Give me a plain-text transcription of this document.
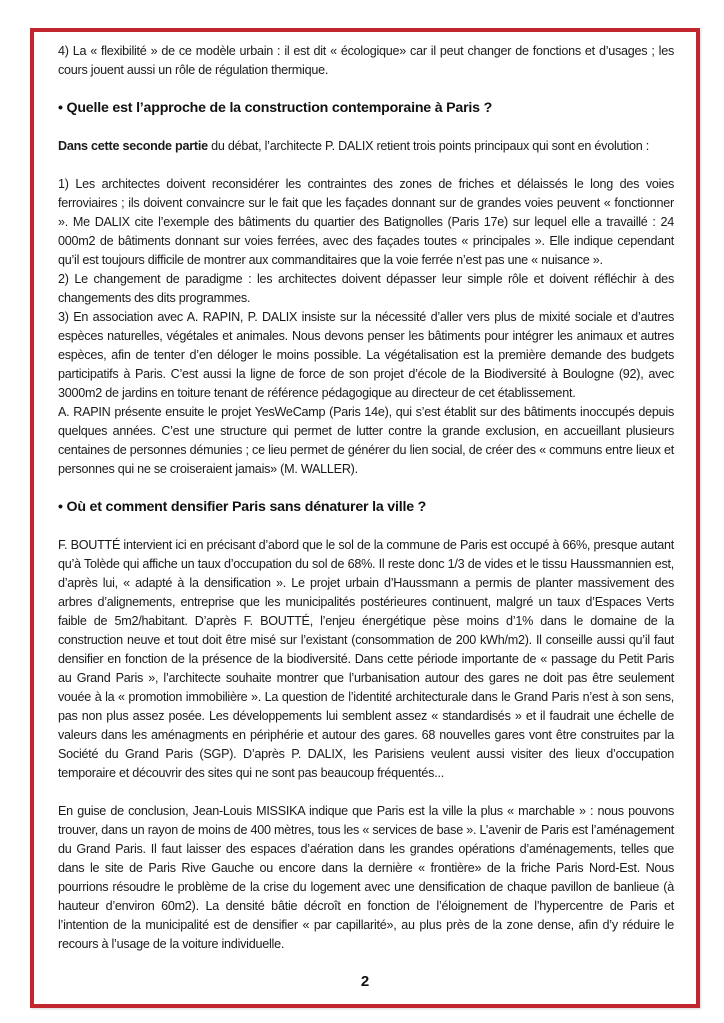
4) La « flexibilité » de ce modèle urbain : il est dit « écologique» car il peut changer de fonctions et d’usages ; les cours jouent aussi un rôle de régulation thermique.

• Quelle est l’approche de la construction contemporaine à Paris ?

Dans cette seconde partie du débat, l’architecte P. DALIX retient trois points principaux qui sont en évolution :

1) Les architectes doivent reconsidérer les contraintes des zones de friches et délaissés le long des voies ferroviaires ; ils doivent convaincre sur le fait que les façades donnant sur de grandes voies peuvent « fonctionner ». Me DALIX cite l’exemple des bâtiments du quartier des Batignolles (Paris 17e) sur lequel elle a travaillé : 24 000m2 de bâtiments donnant sur voies ferrées, avec des façades toutes « principales ». Elle indique cependant qu’il est toujours difficile de montrer aux commanditaires que la voie ferrée n’est pas une « nuisance ».

2) Le changement de paradigme : les architectes doivent dépasser leur simple rôle et doivent réfléchir à des changements des dits programmes.

3) En association avec A. RAPIN, P. DALIX insiste sur la nécessité d’aller vers plus de mixité sociale et d’autres espèces naturelles, végétales et animales. Nous devons penser les bâtiments pour intégrer les animaux et autres espèces, afin de tenter d’en déloger le moins possible. La végétalisation est la première demande des budgets participatifs à Paris. C’est aussi la ligne de force de son projet d’école de la Biodiversité à Boulogne (92), avec 3000m2 de jardins en toiture tenant de référence pédagogique au directeur de cet établissement.

A. RAPIN présente ensuite le projet YesWeCamp (Paris 14e), qui s’est établit sur des bâtiments inoccupés depuis quelques années. C’est une structure qui permet de lutter contre la grande exclusion, en accueillant plusieurs centaines de personnes démunies ; ce lieu permet de générer du lien social, de créer des « communs entre lieux et personnes qui ne se croiseraient jamais» (M. WALLER).

• Où et comment densifier Paris sans dénaturer la ville ?

F. BOUTTÉ intervient ici en précisant d’abord que le sol de la commune de Paris est occupé à 66%, presque autant qu’à Tolède qui affiche un taux d’occupation du sol de 68%. Il reste donc 1/3 de vides et le tissu Haussmannien est, d’après lui, « adapté à la densification ». Le projet urbain d’Haussmann a permis de planter massivement des arbres d’alignements, entreprise que les municipalités postérieures continuent, malgré un taux d’Espaces Verts faible de 5m2/habitant. D’après F. BOUTTÉ, l’enjeu énergétique pèse moins d’1% dans le domaine de la construction neuve et tout doit être misé sur l’existant (consommation de 200 kWh/m2). Il conseille aussi qu’il faut densifier en fonction de la présence de la biodiversité. Dans cette période importante de « passage du Petit Paris au Grand Paris », l’architecte souhaite montrer que l’urbanisation autour des gares ne doit pas être seulement vouée à la « promotion immobilière ». La question de l’identité architecturale dans le Grand Paris n’est à son sens, pas non plus assez posée. Les développements lui semblent assez « standardisés » et il faudrait une échelle de valeurs dans les aménagments en périphérie et autour des gares. 68 nouvelles gares vont être construites par la Société du Grand Paris (SGP). D’après P. DALIX, les Parisiens veulent aussi visiter des lieux d’occupation temporaire et découvrir des sites qui ne sont pas beaucoup fréquentés...

En guise de conclusion, Jean-Louis MISSIKA indique que Paris est la ville la plus « marchable » : nous pouvons trouver, dans un rayon de moins de 400 mètres, tous les « services de base ». L’avenir de Paris est l’aménagement du Grand Paris. Il faut laisser des espaces d’aération dans les grandes opérations d’aménagements, telles que dans le site de Paris Rive Gauche ou encore dans la dernière « frontière» de la friche Paris Nord-Est. Nous pourrions résoudre le problème de la crise du logement avec une densification de chaque pavillon de banlieue (à hauteur d’environ 60m2). La densité bâtie décroît en fonction de l’éloignement de l’hypercentre de Paris et l’intention de la municipalité est de densifier « par capillarité», au plus près de la zone dense, afin d’y réduire le recours à l’usage de la voiture individuelle.

2
